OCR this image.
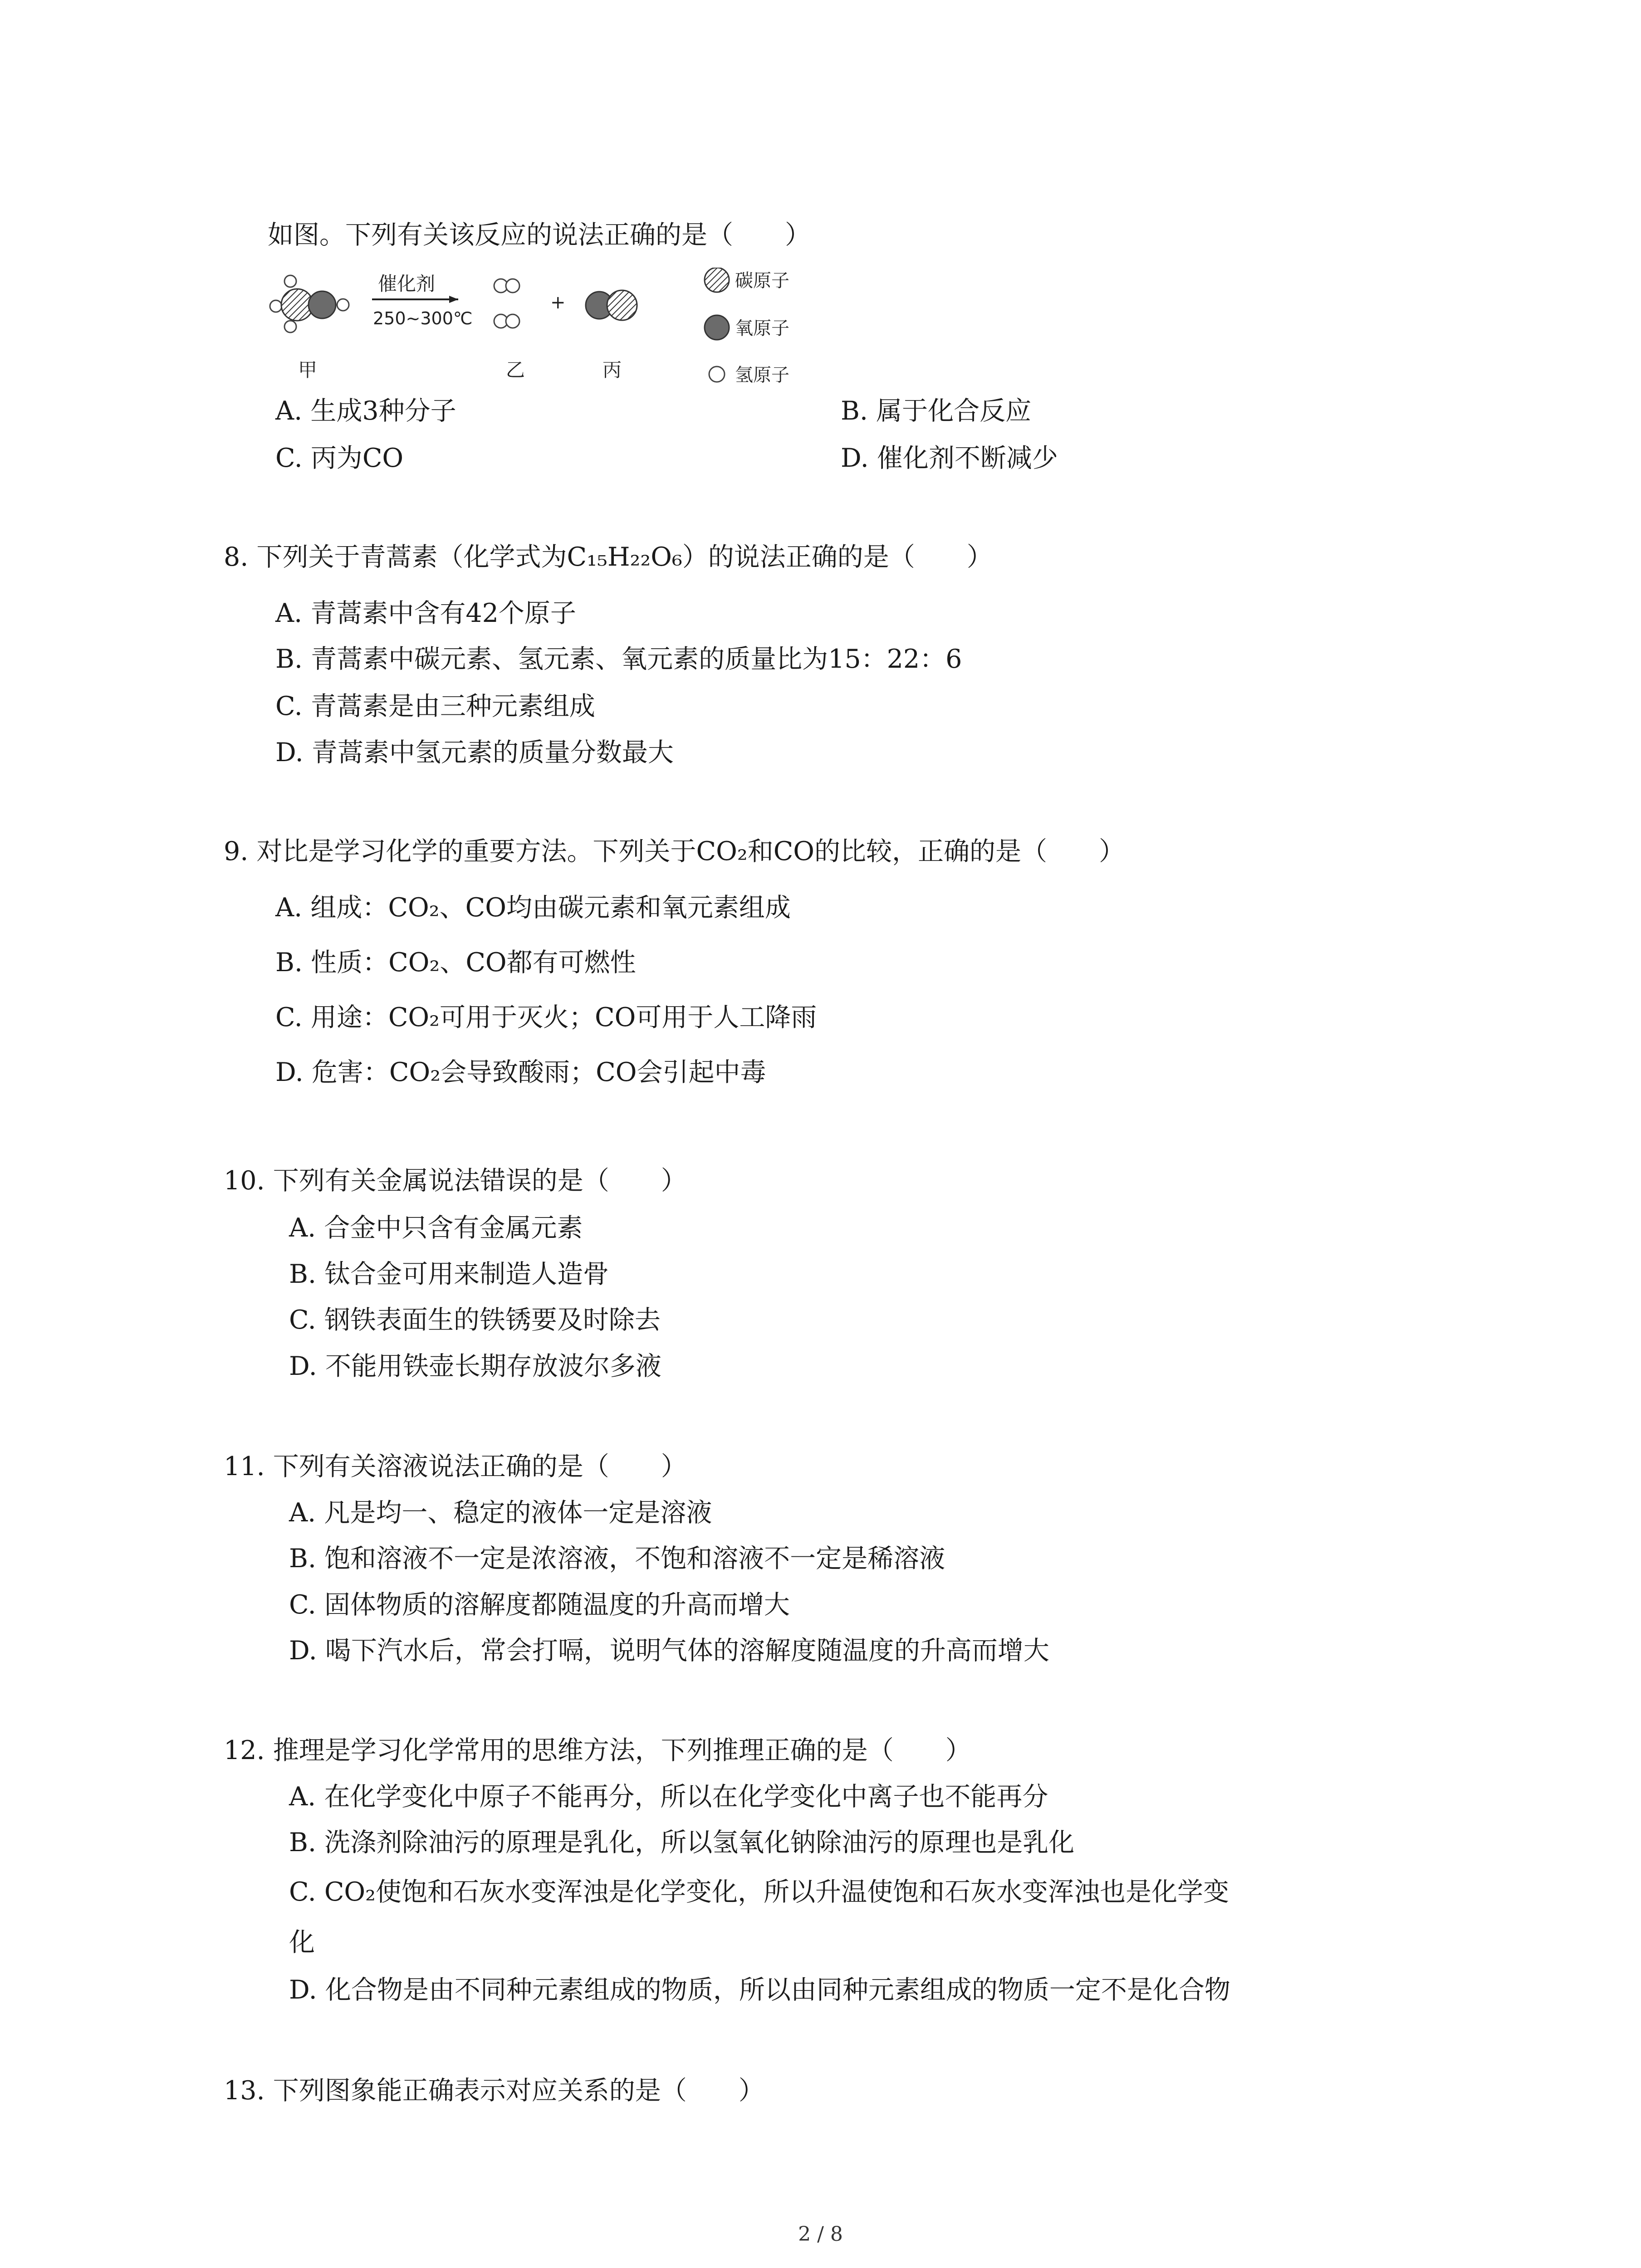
如图。下列有关该反应的说法正确的是（　　）
催化剂
250~300℃
+
甲	乙	丙
碳原子
氧原子
氢原子
A. 生成3种分子	B. 属于化合反应
C. 丙为CO	D. 催化剂不断减少
8. 下列关于青蒿素（化学式为C₁₅H₂₂O₆）的说法正确的是（　　）
A. 青蒿素中含有42个原子
B. 青蒿素中碳元素、氢元素、氧元素的质量比为15：22：6
C. 青蒿素是由三种元素组成
D. 青蒿素中氢元素的质量分数最大
9. 对比是学习化学的重要方法。下列关于CO₂和CO的比较，正确的是（　　）
A. 组成：CO₂、CO均由碳元素和氧元素组成
B. 性质：CO₂、CO都有可燃性
C. 用途：CO₂可用于灭火；CO可用于人工降雨
D. 危害：CO₂会导致酸雨；CO会引起中毒
10. 下列有关金属说法错误的是（　　）
A. 合金中只含有金属元素
B. 钛合金可用来制造人造骨
C. 钢铁表面生的铁锈要及时除去
D. 不能用铁壶长期存放波尔多液
11. 下列有关溶液说法正确的是（　　）
A. 凡是均一、稳定的液体一定是溶液
B. 饱和溶液不一定是浓溶液，不饱和溶液不一定是稀溶液
C. 固体物质的溶解度都随温度的升高而增大
D. 喝下汽水后，常会打嗝，说明气体的溶解度随温度的升高而增大
12. 推理是学习化学常用的思维方法，下列推理正确的是（　　）
A. 在化学变化中原子不能再分，所以在化学变化中离子也不能再分
B. 洗涤剂除油污的原理是乳化，所以氢氧化钠除油污的原理也是乳化
C. CO₂使饱和石灰水变浑浊是化学变化，所以升温使饱和石灰水变浑浊也是化学变
化
D. 化合物是由不同种元素组成的物质，所以由同种元素组成的物质一定不是化合物
13. 下列图象能正确表示对应关系的是（　　）
2 / 8
